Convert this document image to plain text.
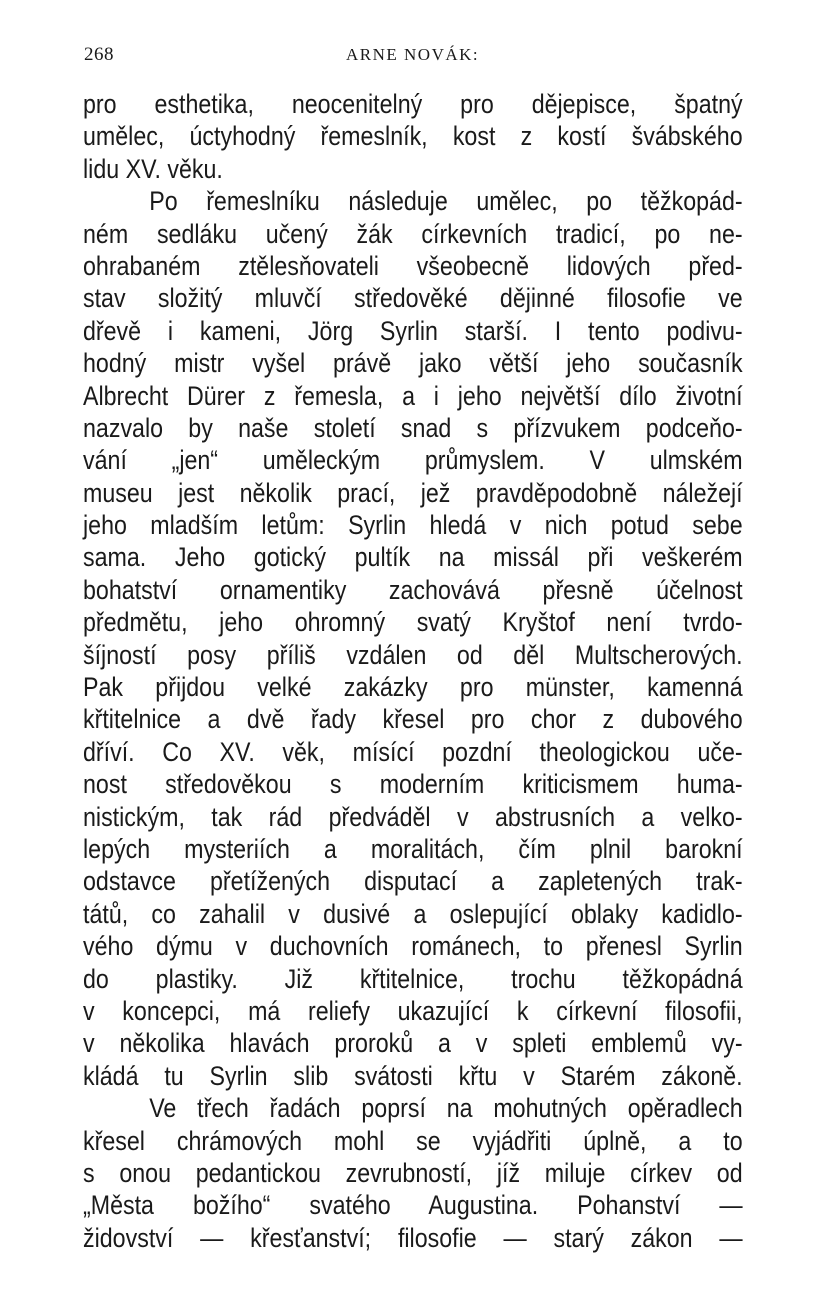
268	ARNE NOVÁK:
pro esthetika, neocenitelný pro dějepisce, špatný
umělec, úctyhodný řemeslník, kost z kostí švábského
lidu XV. věku.
Po řemeslníku následuje umělec, po těžkopád-
ném sedláku učený žák církevních tradicí, po ne-
ohrabaném ztělesňovateli všeobecně lidových před-
stav složitý mluvčí středověké dějinné filosofie ve
dřevě i kameni, Jörg Syrlin starší. I tento podivu-
hodný mistr vyšel právě jako větší jeho současník
Albrecht Dürer z řemesla, a i jeho největší dílo životní
nazvalo by naše století snad s přízvukem podceňo-
vání „jen“ uměleckým průmyslem. V ulmském
museu jest několik prací, jež pravděpodobně náležejí
jeho mladším letům: Syrlin hledá v nich potud sebe
sama. Jeho gotický pultík na missál při veškerém
bohatství ornamentiky zachovává přesně účelnost
předmětu, jeho ohromný svatý Kryštof není tvrdo-
šíjností posy příliš vzdálen od děl Multscherových.
Pak přijdou velké zakázky pro münster, kamenná
křtitelnice a dvě řady křesel pro chor z dubového
dříví. Co XV. věk, mísící pozdní theologickou uče-
nost středověkou s moderním kriticismem huma-
nistickým, tak rád předváděl v abstrusních a velko-
lepých mysteriích a moralitách, čím plnil barokní
odstavce přetížených disputací a zapletených trak-
tátů, co zahalil v dusivé a oslepující oblaky kadidlo-
vého dýmu v duchovních románech, to přenesl Syrlin
do plastiky. Již křtitelnice, trochu těžkopádná
v koncepci, má reliefy ukazující k církevní filosofii,
v několika hlavách proroků a v spleti emblemů vy-
kládá tu Syrlin slib svátosti křtu v Starém zákoně.
Ve třech řadách poprsí na mohutných opěradlech
křesel chrámových mohl se vyjádřiti úplně, a to
s onou pedantickou zevrubností, jíž miluje církev od
„Města božího“ svatého Augustina. Pohanství —
židovství — křesťanství; filosofie — starý zákon —
